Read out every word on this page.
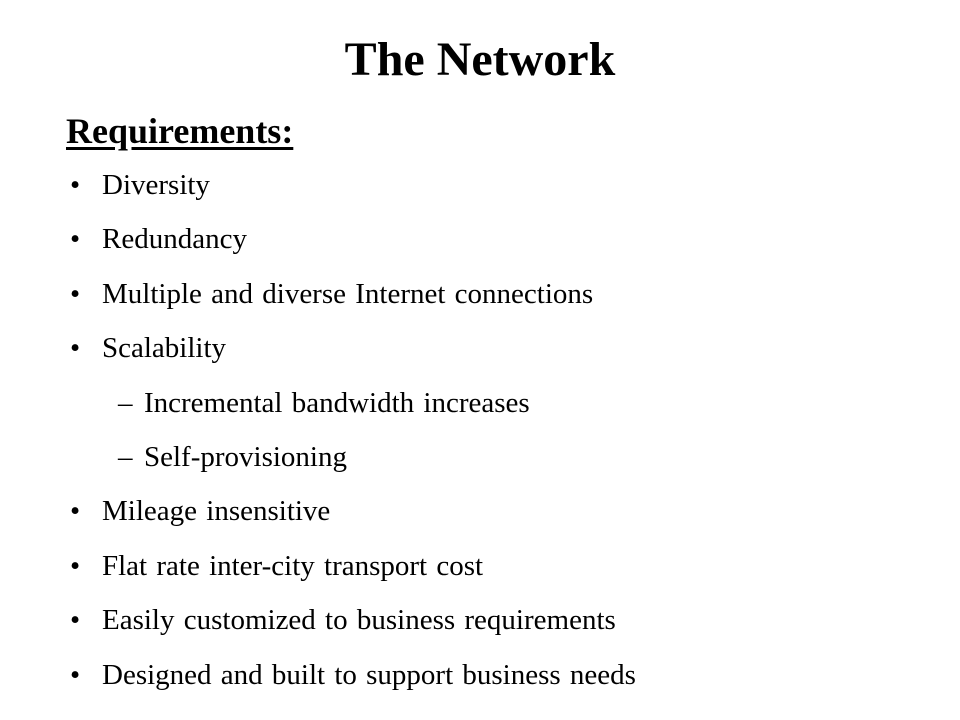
The Network
Requirements:
• Diversity
• Redundancy
• Multiple and diverse Internet connections
• Scalability
– Incremental bandwidth increases
– Self-provisioning
• Mileage insensitive
• Flat rate inter-city transport cost
• Easily customized to business requirements
• Designed and built to support business needs
